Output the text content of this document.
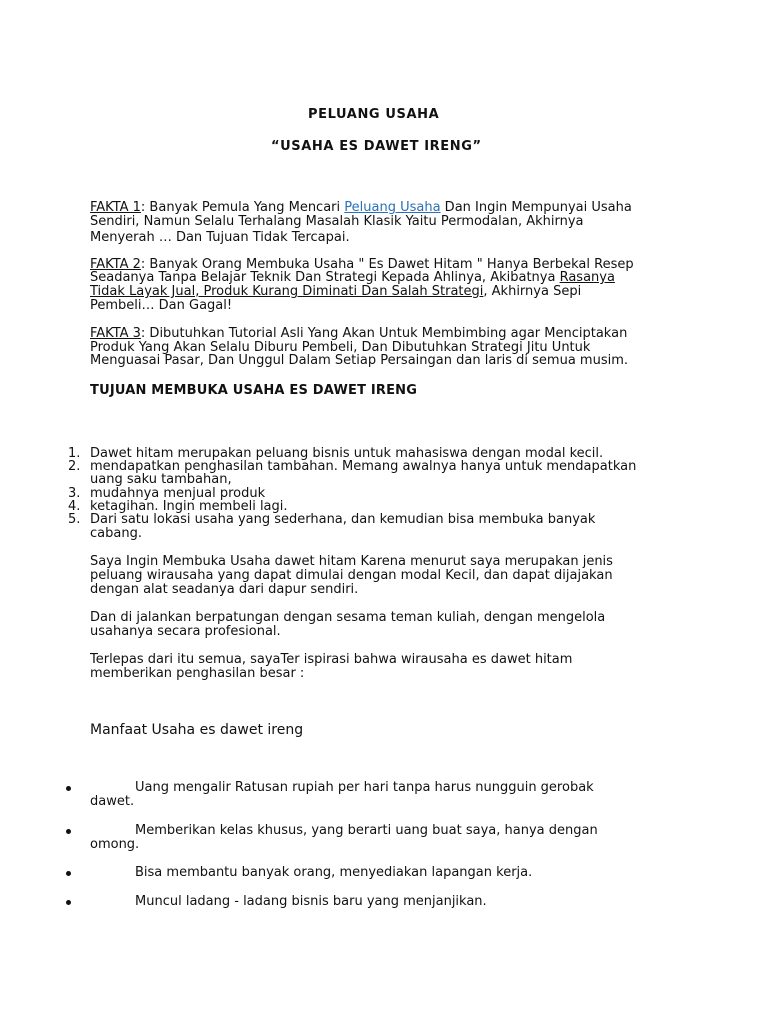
PELUANG USAHA
“USAHA ES DAWET IRENG”
FAKTA 1: Banyak Pemula Yang Mencari Peluang Usaha Dan Ingin Mempunyai Usaha
Sendiri, Namun Selalu Terhalang Masalah Klasik Yaitu Permodalan, Akhirnya
Menyerah … Dan Tujuan Tidak Tercapai.
FAKTA 2: Banyak Orang Membuka Usaha " Es Dawet Hitam " Hanya Berbekal Resep
Seadanya Tanpa Belajar Teknik Dan Strategi Kepada Ahlinya, Akibatnya Rasanya
Tidak Layak Jual, Produk Kurang Diminati Dan Salah Strategi, Akhirnya Sepi
Pembeli… Dan Gagal!
FAKTA 3: Dibutuhkan Tutorial Asli Yang Akan Untuk Membimbing agar Menciptakan
Produk Yang Akan Selalu Diburu Pembeli, Dan Dibutuhkan Strategi Jitu Untuk
Menguasai Pasar, Dan Unggul Dalam Setiap Persaingan dan laris di semua musim.
TUJUAN MEMBUKA USAHA ES DAWET IRENG
1. Dawet hitam merupakan peluang bisnis untuk mahasiswa dengan modal kecil.
2. mendapatkan penghasilan tambahan. Memang awalnya hanya untuk mendapatkan
uang saku tambahan,
3. mudahnya menjual produk
4. ketagihan. Ingin membeli lagi.
5. Dari satu lokasi usaha yang sederhana, dan kemudian bisa membuka banyak
cabang.
Saya Ingin Membuka Usaha dawet hitam Karena menurut saya merupakan jenis
peluang wirausaha yang dapat dimulai dengan modal Kecil, dan dapat dijajakan
dengan alat seadanya dari dapur sendiri.
Dan di jalankan berpatungan dengan sesama teman kuliah, dengan mengelola
usahanya secara profesional.
Terlepas dari itu semua, sayaTer ispirasi bahwa wirausaha es dawet hitam
memberikan penghasilan besar :
Manfaat Usaha es dawet ireng
Uang mengalir Ratusan rupiah per hari tanpa harus nungguin gerobak
dawet.
Memberikan kelas khusus, yang berarti uang buat saya, hanya dengan
omong.
Bisa membantu banyak orang, menyediakan lapangan kerja.
Muncul ladang - ladang bisnis baru yang menjanjikan.
